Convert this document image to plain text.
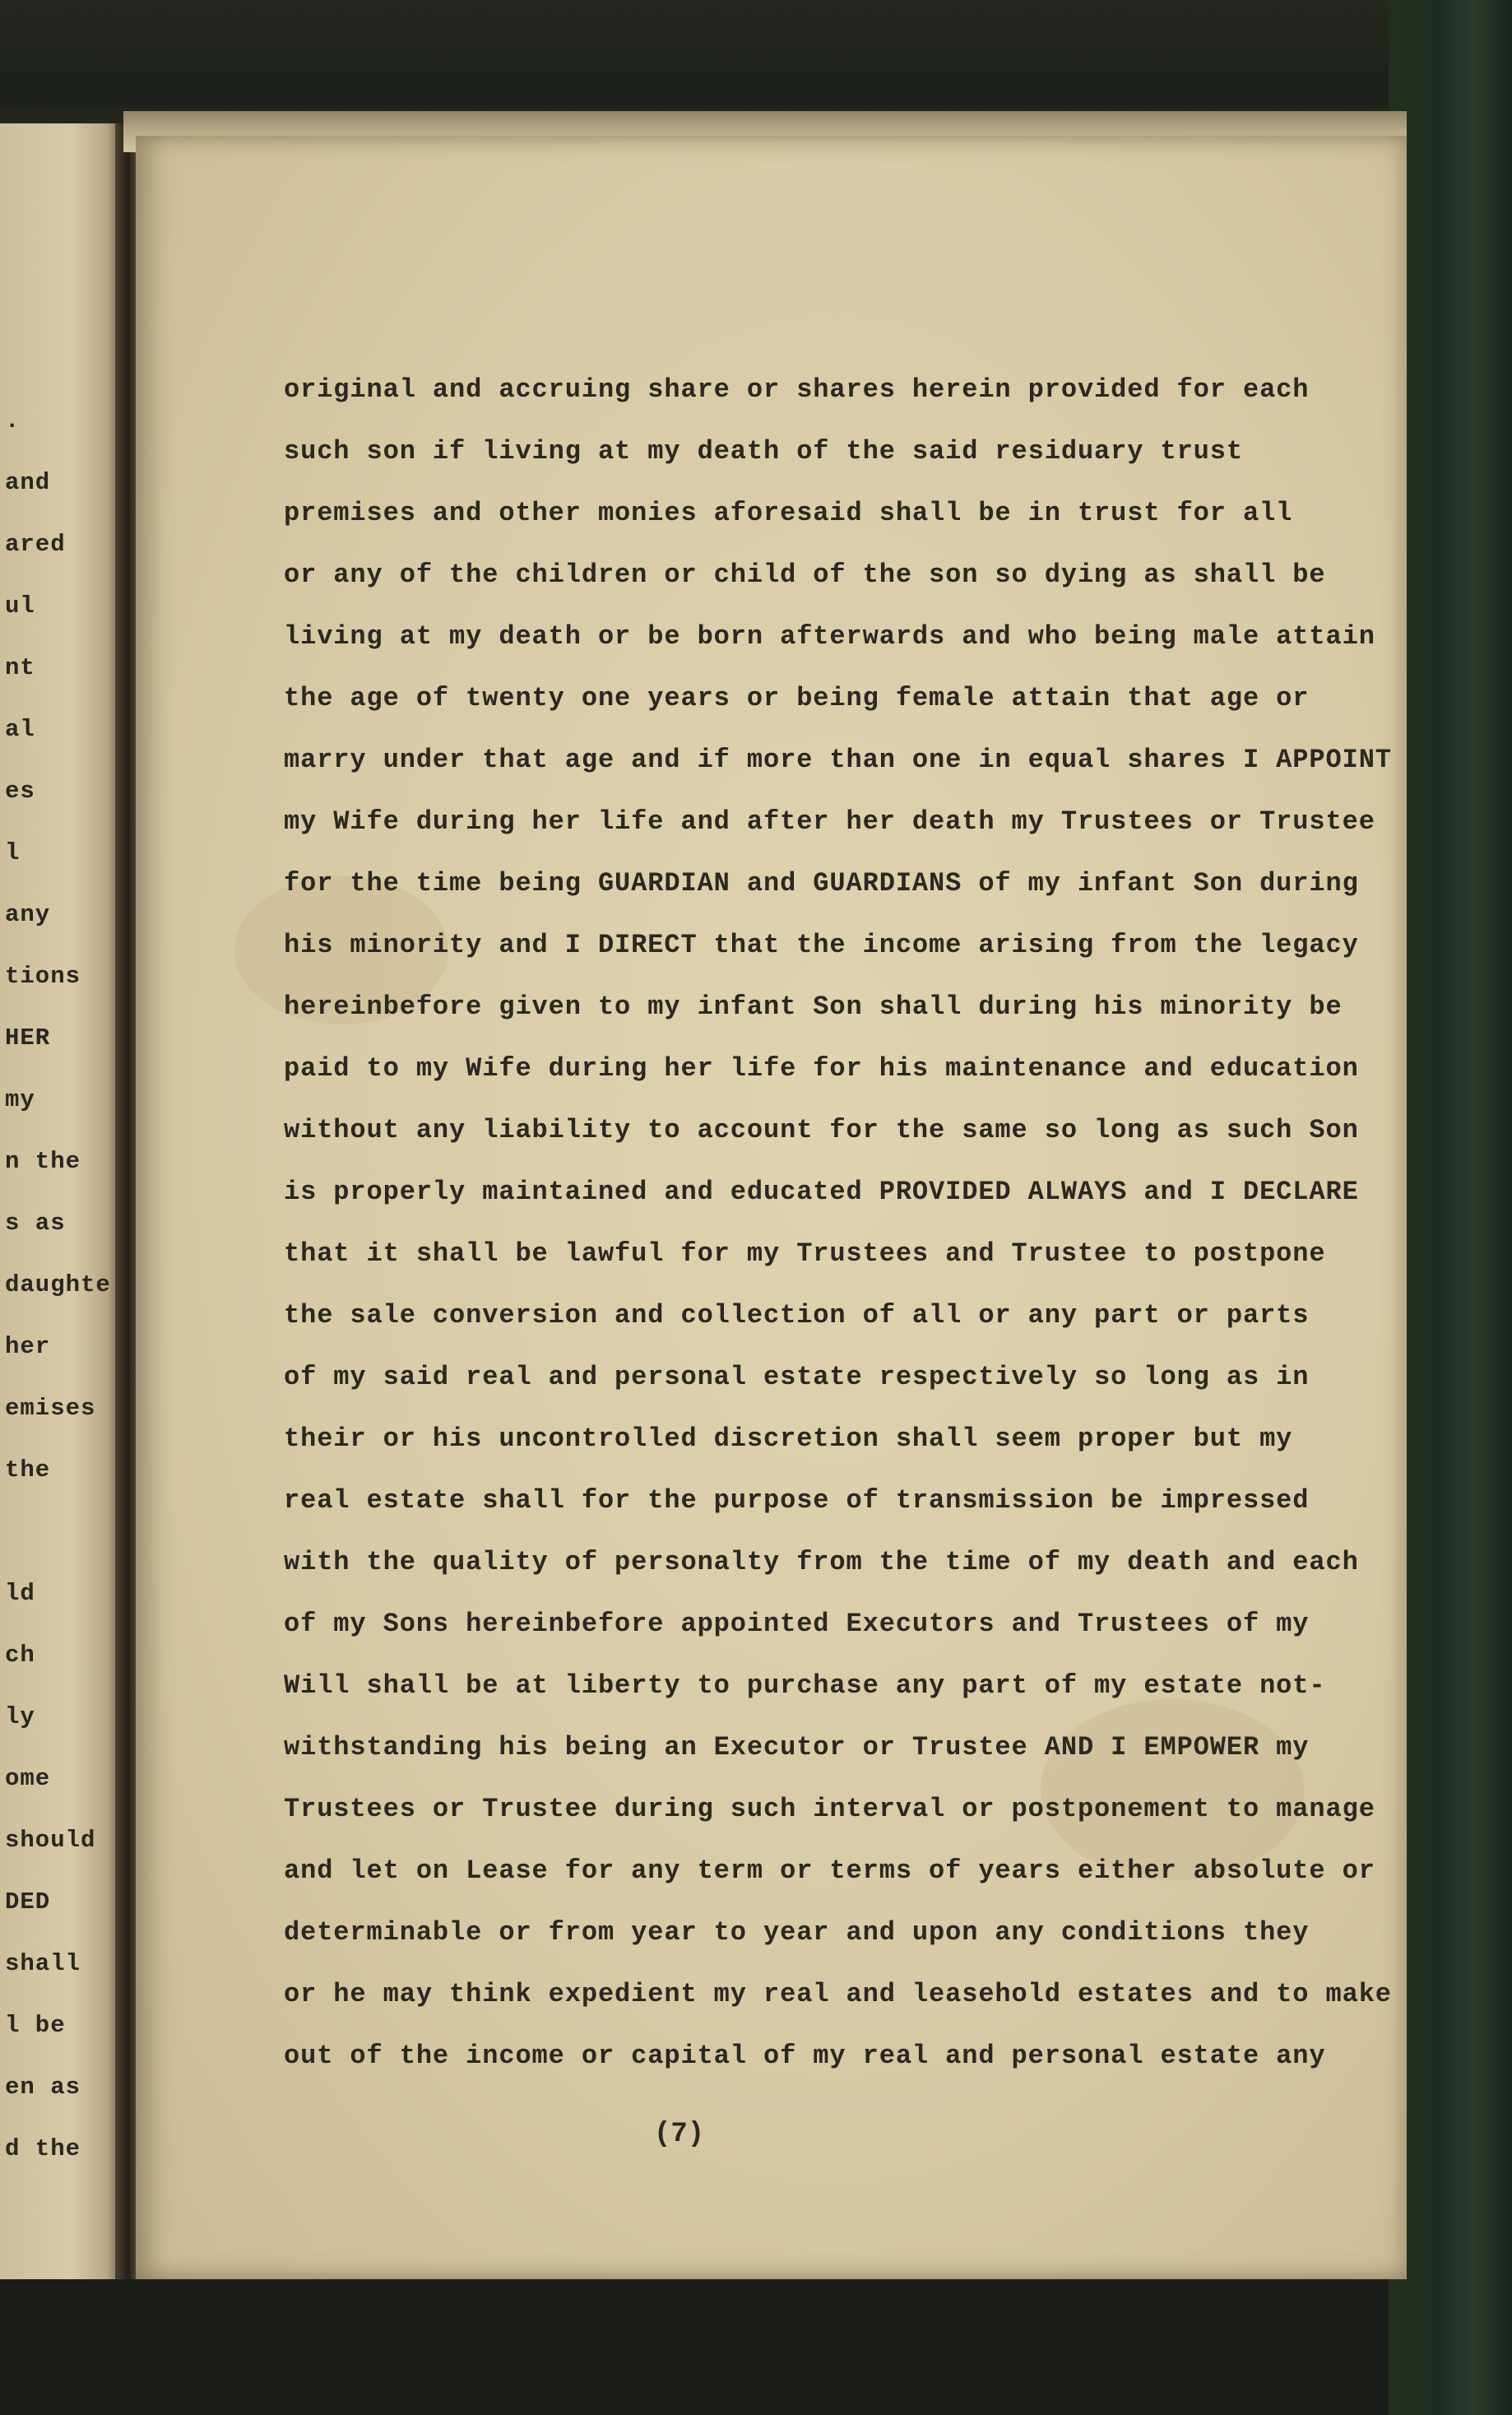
.
and
ared
ul
nt
al
es
l
any
tions
HER
my
n the
s as
daughte
her
emises
the
ld
ch
ly
ome
should
DED
shall
l be
en as
d the
original and accruing share or shares herein provided for each
such son if living at my death of the said residuary trust
premises and other monies aforesaid shall be in trust for all
or any of the children or child of the son so dying as shall be
living at my death or be born afterwards and who being male attain
the age of twenty one years or being female attain that age or
marry under that age and if more than one in equal shares I APPOINT
my Wife during her life and after her death my Trustees or Trustee
for the time being GUARDIAN and GUARDIANS of my infant Son during
his minority and I DIRECT that the income arising from the legacy
hereinbefore given to my infant Son shall during his minority be
paid to my Wife during her life for his maintenance and education
without any liability to account for the same so long as such Son
is properly maintained and educated PROVIDED ALWAYS and I DECLARE
that it shall be lawful for my Trustees and Trustee to postpone
the sale conversion and collection of all or any part or parts
of my said real and personal estate respectively so long as in
their or his uncontrolled discretion shall seem proper but my
real estate shall for the purpose of transmission be impressed
with the quality of personalty from the time of my death and each
of my Sons hereinbefore appointed Executors and Trustees of my
Will shall be at liberty to purchase any part of my estate not-
withstanding his being an Executor or Trustee AND I EMPOWER my
Trustees or Trustee during such interval or postponement to manage
and let on Lease for any term or terms of years either absolute or
determinable or from year to year and upon any conditions they
or he may think expedient my real and leasehold estates and to make
out of the income or capital of my real and personal estate any
(7)
